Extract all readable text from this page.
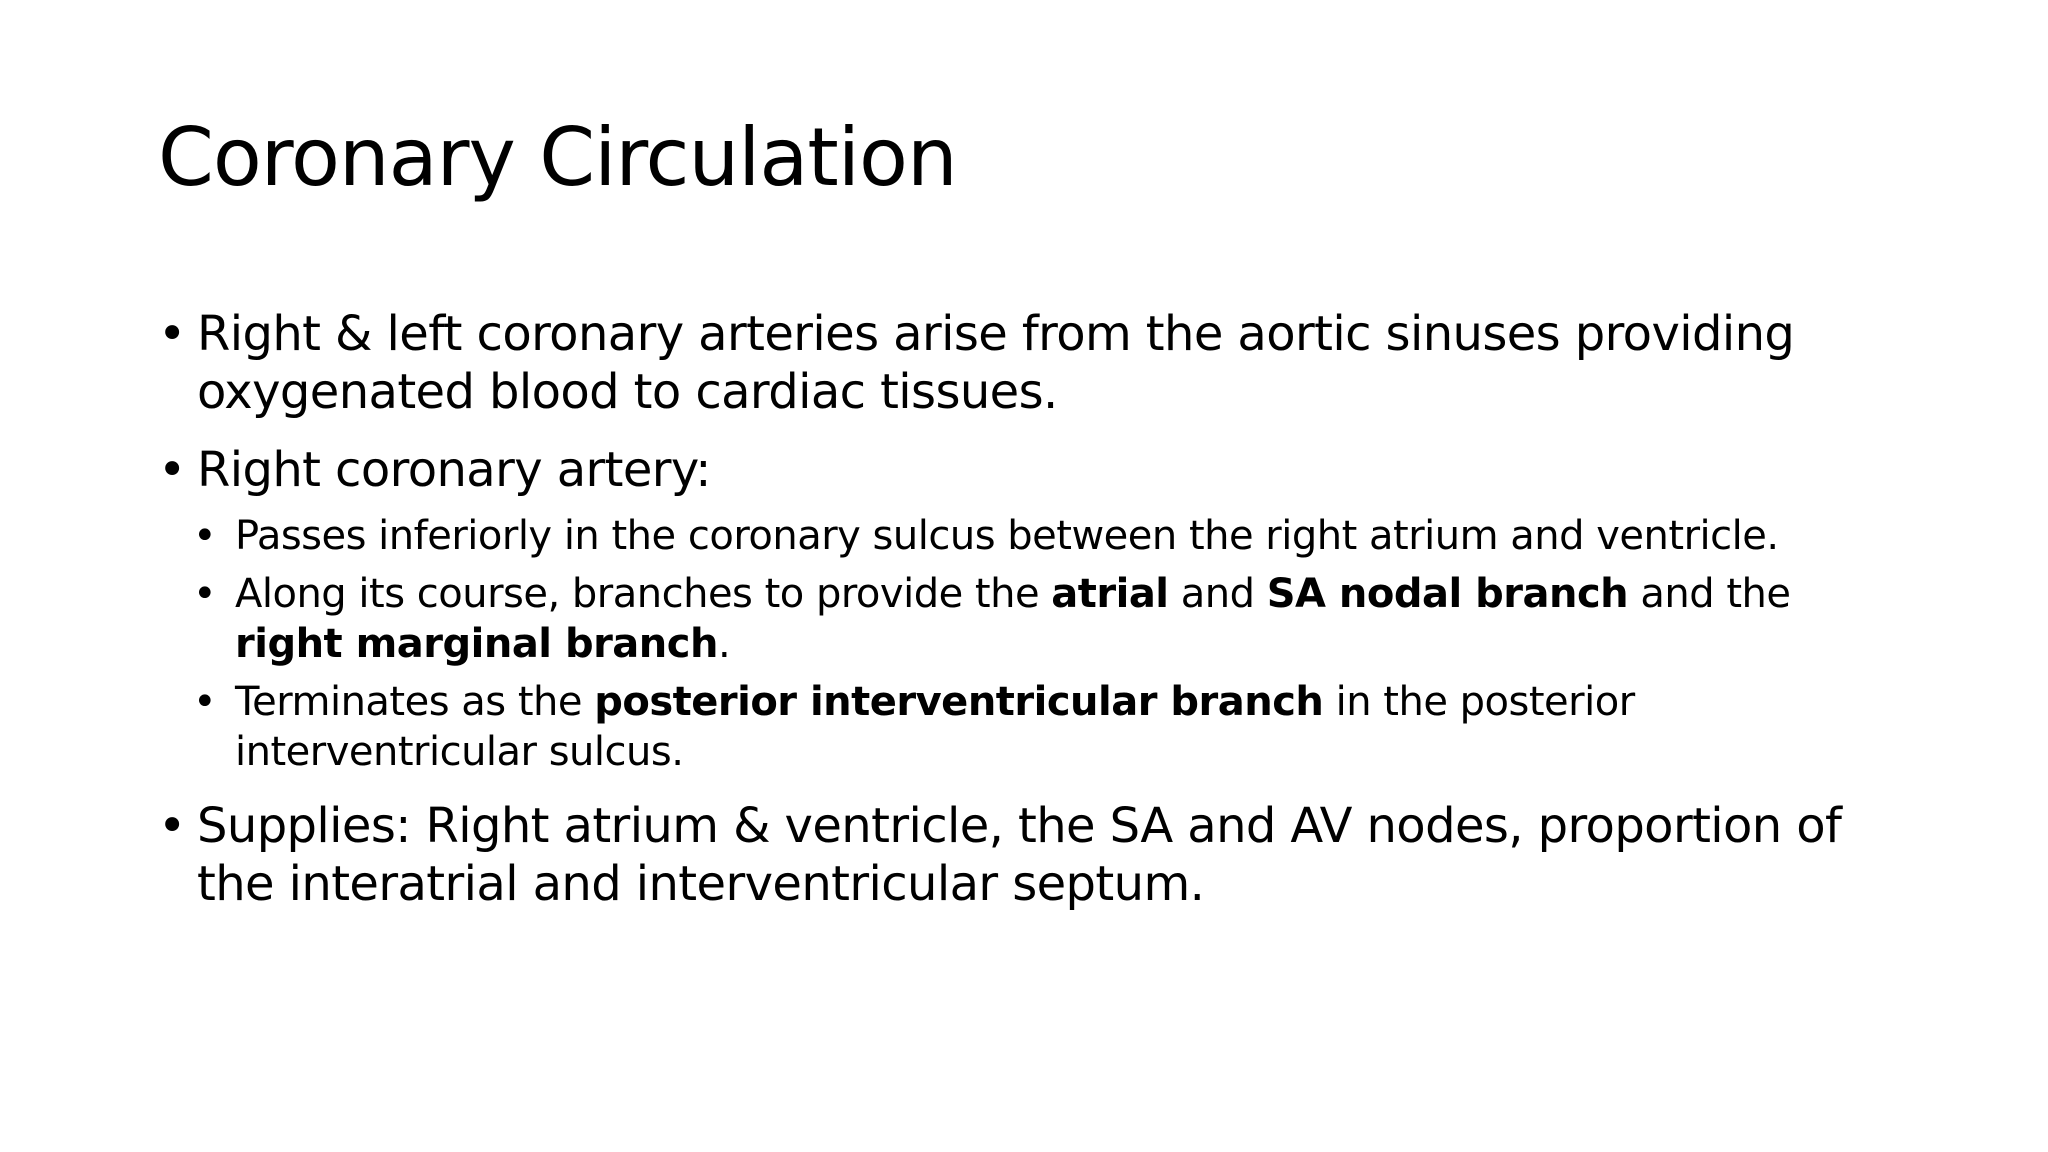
Coronary Circulation
• Right & left coronary arteries arise from the aortic sinuses providing oxygenated blood to cardiac tissues.
• Right coronary artery:
• Passes inferiorly in the coronary sulcus between the right atrium and ventricle.
• Along its course, branches to provide the atrial and SA nodal branch and the right marginal branch.
• Terminates as the posterior interventricular branch in the posterior interventricular sulcus.
• Supplies: Right atrium & ventricle, the SA and AV nodes, proportion of the interatrial and interventricular septum.
